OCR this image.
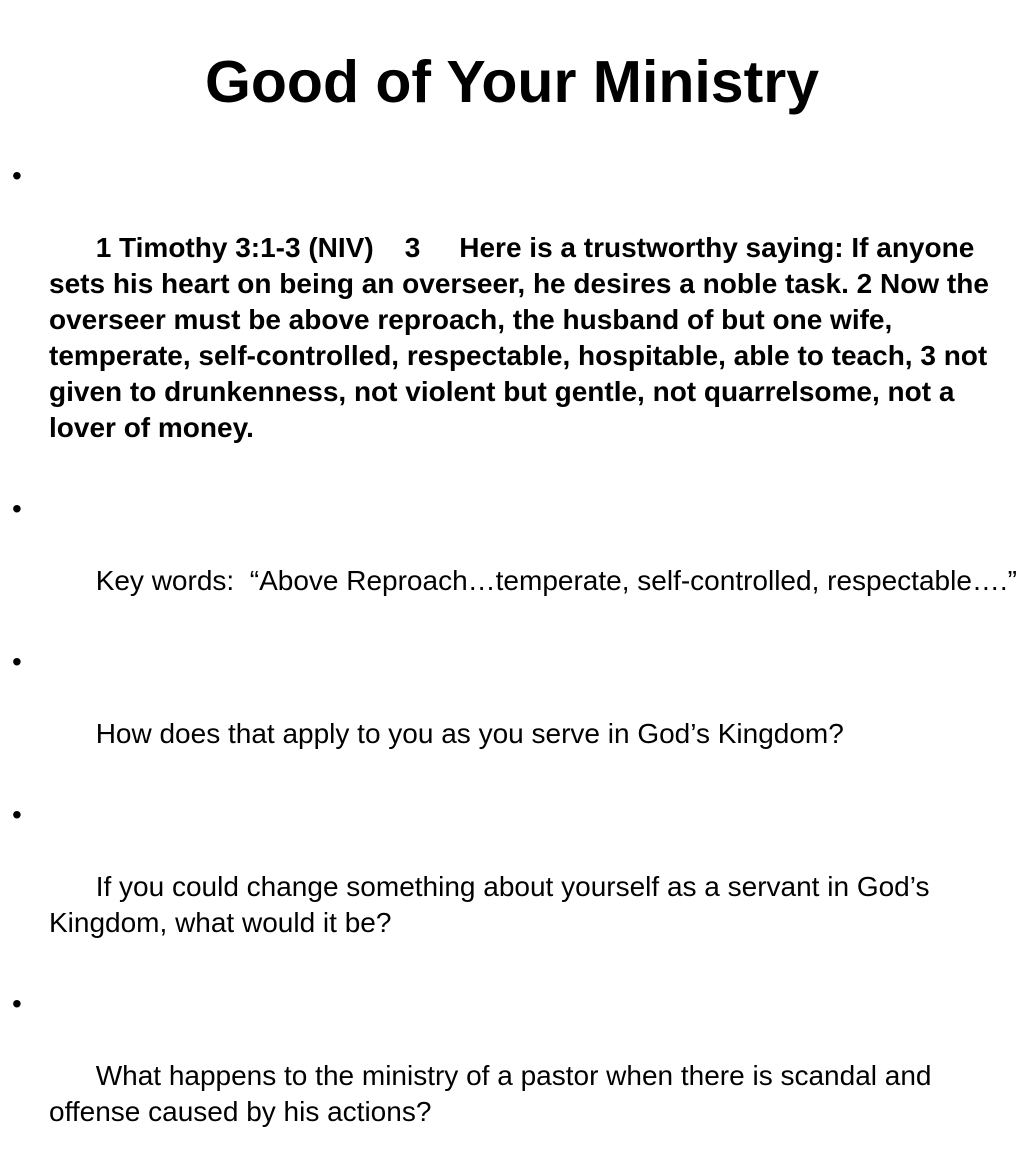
Good of Your Ministry

•

1 Timothy 3:1-3 (NIV)    3     Here is a trustworthy saying: If anyone sets his heart on being an overseer, he desires a noble task. 2 Now the overseer must be above reproach, the husband of but one wife, temperate, self-controlled, respectable, hospitable, able to teach, 3 not given to drunkenness, not violent but gentle, not quarrelsome, not a lover of money.

•

Key words:  “Above Reproach…temperate, self-controlled, respectable….”

•

How does that apply to you as you serve in God’s Kingdom?

•

If you could change something about yourself as a servant in God’s Kingdom, what would it be?

•

What happens to the ministry of a pastor when there is scandal and offense caused by his actions?
